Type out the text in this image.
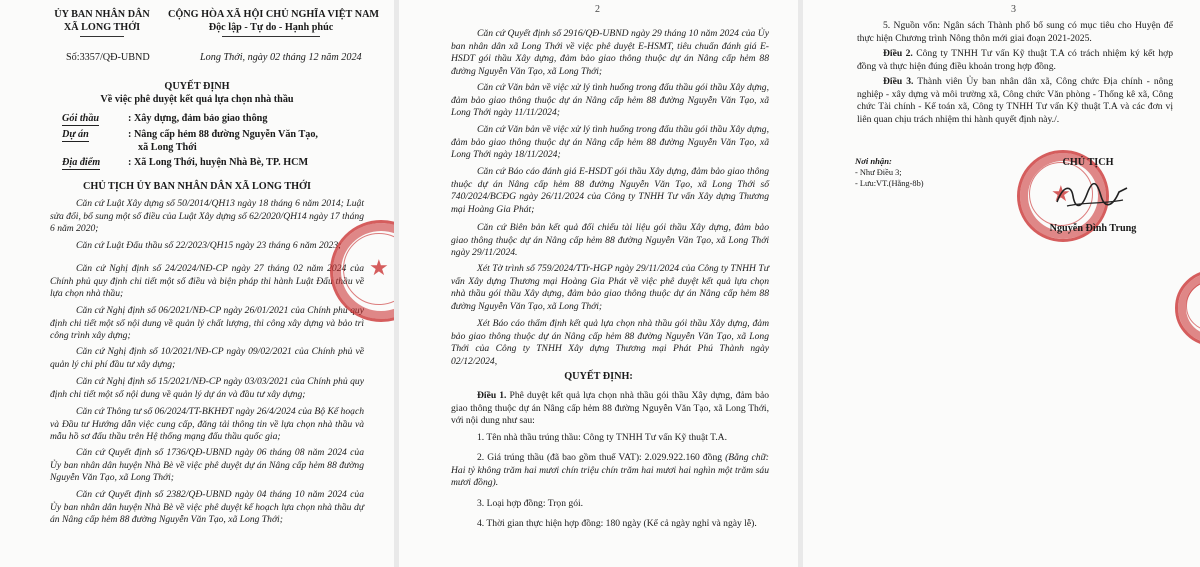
ỦY BAN NHÂN DÂN
XÃ LONG THỚI
CỘNG HÒA XÃ HỘI CHỦ NGHĨA VIỆT NAM
Độc lập - Tự do - Hạnh phúc
Số:3357/QĐ-UBND	Long Thới, ngày 02 tháng 12 năm 2024
QUYẾT ĐỊNH
Về việc phê duyệt kết quả lựa chọn nhà thầu
Gói thầu	: Xây dựng, đảm bảo giao thông
Dự án	: Nâng cấp hẻm 88 đường Nguyễn Văn Tạo,
xã Long Thới
Địa điểm	: Xã Long Thới, huyện Nhà Bè, TP. HCM
CHỦ TỊCH ỦY BAN NHÂN DÂN XÃ LONG THỚI
Căn cứ Luật Xây dựng số 50/2014/QH13 ngày 18 tháng 6 năm 2014; Luật sửa đổi, bổ sung một số điều của Luật Xây dựng số 62/2020/QH14 ngày 17 tháng 6 năm 2020;
Căn cứ Luật Đấu thầu số 22/2023/QH15 ngày 23 tháng 6 năm 2023;
Căn cứ Nghị định số 24/2024/NĐ-CP ngày 27 tháng 02 năm 2024 của Chính phủ quy định chi tiết một số điều và biện pháp thi hành Luật Đấu thầu về lựa chọn nhà thầu;
Căn cứ Nghị định số 06/2021/NĐ-CP ngày 26/01/2021 của Chính phủ quy định chi tiết một số nội dung về quản lý chất lượng, thi công xây dựng và bảo trì công trình xây dựng;
Căn cứ Nghị định số 10/2021/NĐ-CP ngày 09/02/2021 của Chính phủ về quản lý chi phí đầu tư xây dựng;
Căn cứ Nghị định số 15/2021/NĐ-CP ngày 03/03/2021 của Chính phủ quy định chi tiết một số nội dung về quản lý dự án và đầu tư xây dựng;
Căn cứ Thông tư số 06/2024/TT-BKHĐT ngày 26/4/2024 của Bộ Kế hoạch và Đầu tư Hướng dẫn việc cung cấp, đăng tải thông tin về lựa chọn nhà thầu và mẫu hồ sơ đấu thầu trên Hệ thống mạng đấu thầu quốc gia;
Căn cứ Quyết định số 1736/QĐ-UBND ngày 06 tháng 08 năm 2024 của Ủy ban nhân dân huyện Nhà Bè về việc phê duyệt dự án Nâng cấp hẻm 88 đường Nguyễn Văn Tạo, xã Long Thới;
Căn cứ Quyết định số 2382/QĐ-UBND ngày 04 tháng 10 năm 2024 của Ủy ban nhân dân huyện Nhà Bè về việc phê duyệt kế hoạch lựa chọn nhà thầu dự án Nâng cấp hẻm 88 đường Nguyễn Văn Tạo, xã Long Thới;
★
2
Căn cứ Quyết định số 2916/QĐ-UBND ngày 29 tháng 10 năm 2024 của Ủy ban nhân dân xã Long Thới về việc phê duyệt E-HSMT, tiêu chuẩn đánh giá E-HSDT gói thầu Xây dựng, đảm bảo giao thông thuộc dự án Nâng cấp hẻm 88 đường Nguyễn Văn Tạo, xã Long Thới;
Căn cứ Văn bản về việc xử lý tình huống trong đấu thầu gói thầu Xây dựng, đảm bảo giao thông thuộc dự án Nâng cấp hẻm 88 đường Nguyễn Văn Tạo, xã Long Thới ngày 11/11/2024;
Căn cứ Văn bản về việc xử lý tình huống trong đấu thầu gói thầu Xây dựng, đảm bảo giao thông thuộc dự án Nâng cấp hẻm 88 đường Nguyễn Văn Tạo, xã Long Thới ngày 18/11/2024;
Căn cứ Báo cáo đánh giá E-HSDT gói thầu Xây dựng, đảm bảo giao thông thuộc dự án Nâng cấp hẻm 88 đường Nguyễn Văn Tạo, xã Long Thới số 740/2024/BCĐG ngày 26/11/2024 của Công ty TNHH Tư vấn Xây dựng Thương mại Hoàng Gia Phát;
Căn cứ Biên bản kết quả đối chiếu tài liệu gói thầu Xây dựng, đảm bảo giao thông thuộc dự án Nâng cấp hẻm 88 đường Nguyễn Văn Tạo, xã Long Thới ngày 29/11/2024.
Xét Tờ trình số 759/2024/TTr-HGP ngày 29/11/2024 của Công ty TNHH Tư vấn Xây dựng Thương mại Hoàng Gia Phát về việc phê duyệt kết quả lựa chọn nhà thầu gói thầu Xây dựng, đảm bảo giao thông thuộc dự án Nâng cấp hẻm 88 đường Nguyễn Văn Tạo, xã Long Thới;
Xét Báo cáo thẩm định kết quả lựa chọn nhà thầu gói thầu Xây dựng, đảm bảo giao thông thuộc dự án Nâng cấp hẻm 88 đường Nguyễn Văn Tạo, xã Long Thới của Công ty TNHH Xây dựng Thương mại Phát Phú Thành ngày 02/12/2024,
QUYẾT ĐỊNH:
Điều 1. Phê duyệt kết quả lựa chọn nhà thầu gói thầu Xây dựng, đảm bảo giao thông thuộc dự án Nâng cấp hẻm 88 đường Nguyễn Văn Tạo, xã Long Thới, với nội dung như sau:
1. Tên nhà thầu trúng thầu: Công ty TNHH Tư vấn Kỹ thuật T.A.
2. Giá trúng thầu (đã bao gồm thuế VAT): 2.029.922.160 đồng (Bằng chữ: Hai tỷ không trăm hai mươi chín triệu chín trăm hai mươi hai nghìn một trăm sáu mươi đồng).
3. Loại hợp đồng: Trọn gói.
4. Thời gian thực hiện hợp đồng: 180 ngày (Kể cả ngày nghỉ và ngày lễ).
3
5. Nguồn vốn: Ngân sách Thành phố bổ sung có mục tiêu cho Huyện để thực hiện Chương trình Nông thôn mới giai đoạn 2021-2025.
Điều 2. Công ty TNHH Tư vấn Kỹ thuật T.A có trách nhiệm ký kết hợp đồng và thực hiện đúng điều khoản trong hợp đồng.
Điều 3. Thành viên Ủy ban nhân dân xã, Công chức Địa chính - nông nghiệp - xây dựng và môi trường xã, Công chức Văn phòng - Thống kê xã, Công chức Tài chính - Kế toán xã, Công ty TNHH Tư vấn Kỹ thuật T.A và các đơn vị liên quan chịu trách nhiệm thi hành quyết định này./.
Nơi nhận:
- Như Điều 3;
- Lưu:VT.(Hằng-8b)	★
CHỦ TỊCH
Nguyễn Đình Trung
